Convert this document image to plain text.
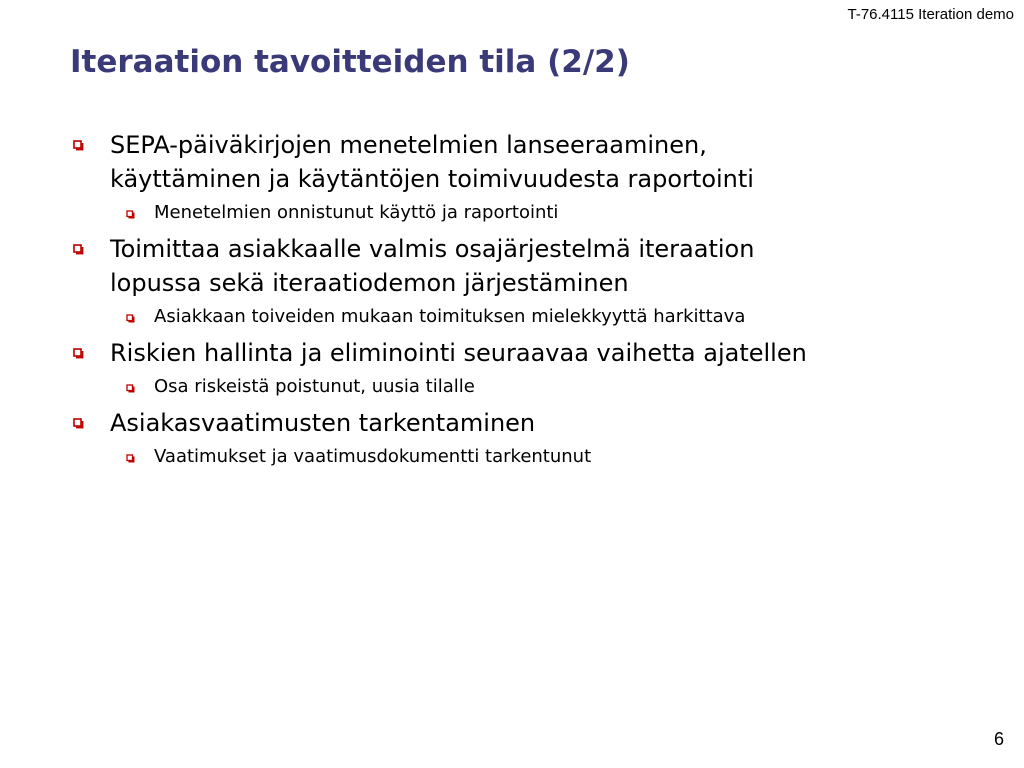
T-76.4115 Iteration demo
Iteraation tavoitteiden tila (2/2)
SEPA-päiväkirjojen menetelmien lanseeraaminen,
käyttäminen ja käytäntöjen toimivuudesta raportointi
Menetelmien onnistunut käyttö ja raportointi
Toimittaa asiakkaalle valmis osajärjestelmä iteraation
lopussa sekä iteraatiodemon järjestäminen
Asiakkaan toiveiden mukaan toimituksen mielekkyyttä harkittava
Riskien hallinta ja eliminointi seuraavaa vaihetta ajatellen
Osa riskeistä poistunut, uusia tilalle
Asiakasvaatimusten tarkentaminen
Vaatimukset ja vaatimusdokumentti tarkentunut
6
